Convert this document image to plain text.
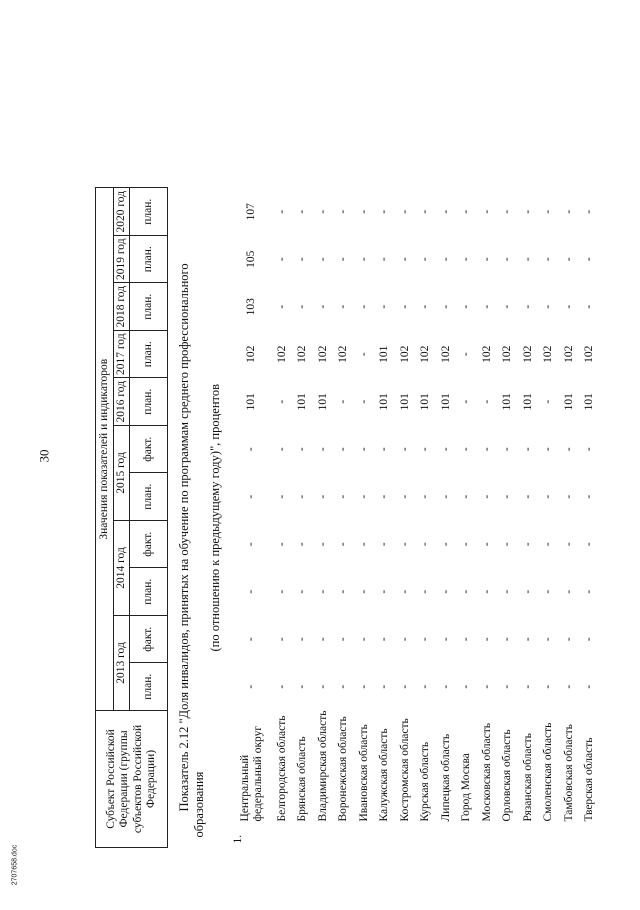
30
2707658.doc
Субъект Российской Федерации (группы субъектов Российской Федерации)		Значения показателей и индикаторов										
		2013 год		2014 год		2015 год		2016 год	2017 год	2018 год	2019 год	2020 год
		план.	факт.	план.	факт.	план.	факт.	план.	план.	план.	план.	план.

Показатель 2.12 "Доля инвалидов, принятых на обучение по программам среднего профессионального образования
(по отношению к предыдущему году)", процентов												
1.	Центральный федеральный округ	-	-	-	-	-	-	101	102	103	105	107
	Белгородская область	-	-	-	-	-	-	-	102	-	-	-
	Брянская область	-	-	-	-	-	-	101	102	-	-	-
	Владимирская область	-	-	-	-	-	-	101	102	-	-	-
	Воронежская область	-	-	-	-	-	-	-	102	-	-	-
	Ивановская область	-	-	-	-	-	-	-	-	-	-	-
	Калужская область	-	-	-	-	-	-	101	101	-	-	-
	Костромская область	-	-	-	-	-	-	101	102	-	-	-
	Курская область	-	-	-	-	-	-	101	102	-	-	-
	Липецкая область	-	-	-	-	-	-	101	102	-	-	-
	Город Москва	-	-	-	-	-	-	-	-	-	-	-
	Московская область	-	-	-	-	-	-	-	102	-	-	-
	Орловская область	-	-	-	-	-	-	101	102	-	-	-
	Рязанская область	-	-	-	-	-	-	101	102	-	-	-
	Смоленская область	-	-	-	-	-	-	-	102	-	-	-
	Тамбовская область	-	-	-	-	-	-	101	102	-	-	-
	Тверская область	-	-	-	-	-	-	101	102	-	-	-
